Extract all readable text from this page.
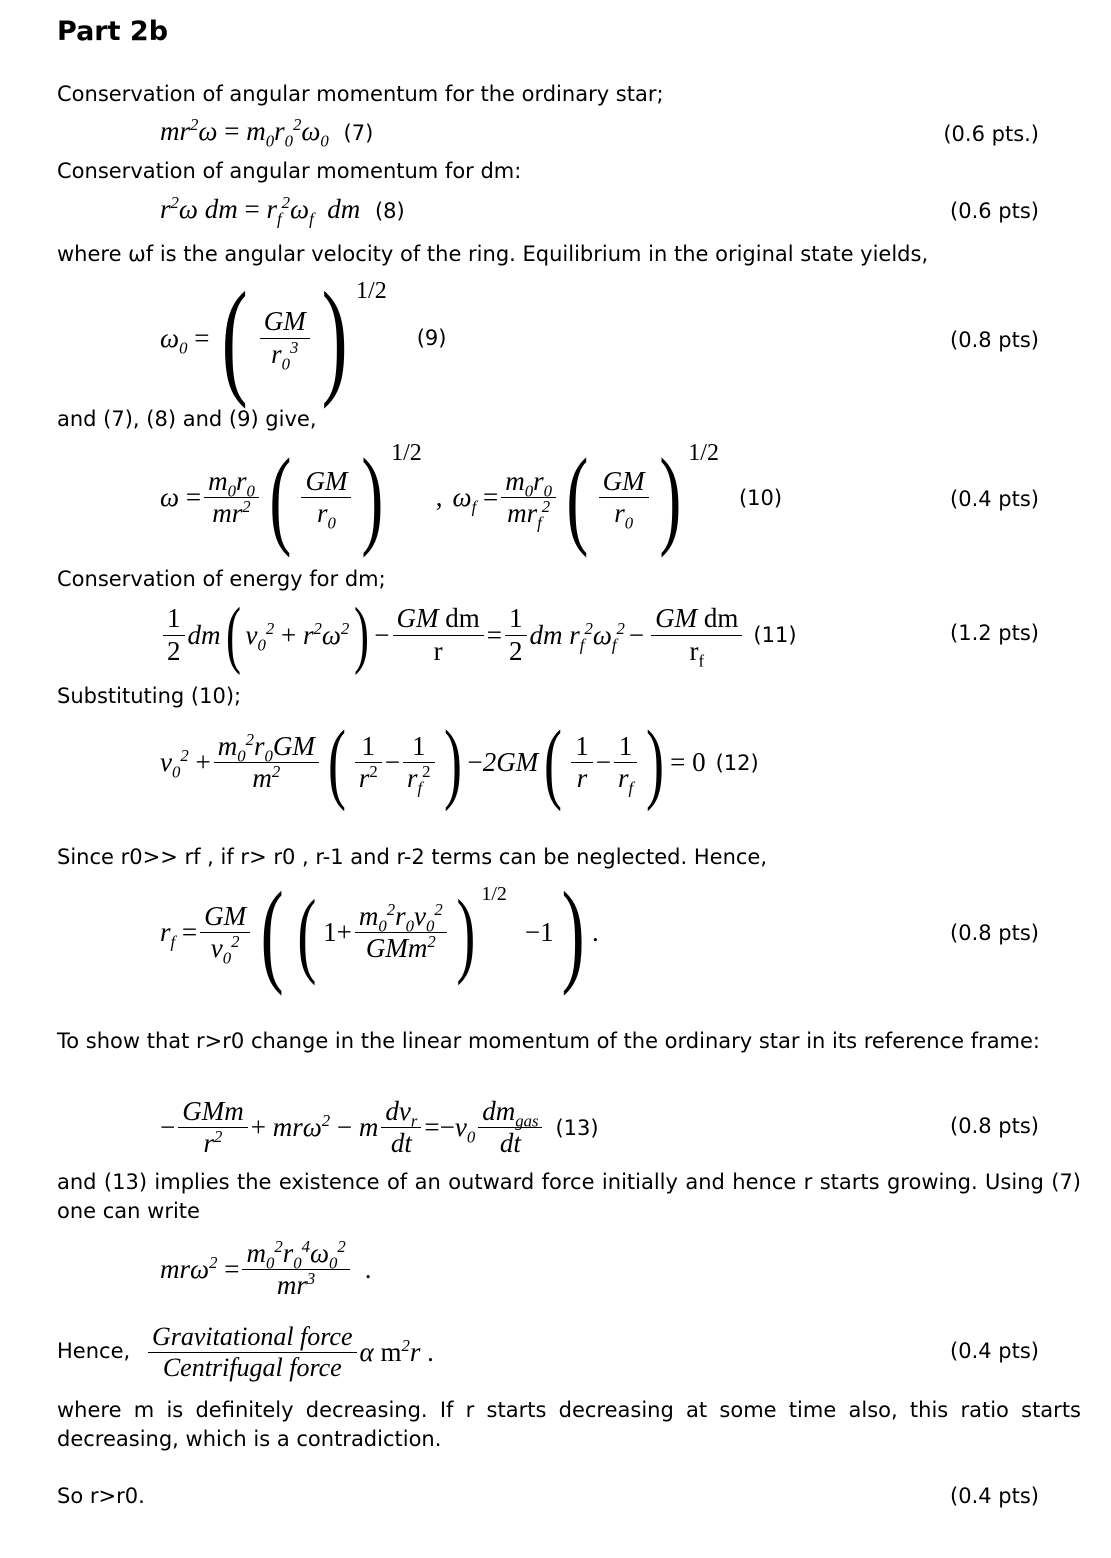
Part 2b
Conservation of angular momentum for the ordinary star;
$mr^2\omega = m_0r_0^2\omega_0$ (7)	(0.6 pts.)
Conservation of angular momentum for dm:
$r^2\omega$ dm = $r_f^2\omega_f$  dm (8)	(0.6 pts)
where ωf is the angular velocity of the ring. Equilibrium in the original state yields,
$\omega_0$ = ( $\frac{GM}{r_0^3}$ ) 1/2
(9)	(0.8 pts)
and (7), (8) and (9) give,
$\omega = \frac{m_0r_0}{mr^2}$ ( $\frac{GM}{r_0}$ ) 1/2
, $\omega_f = \frac{m_0r_0}{mr_f^2}$ ( $\frac{GM}{r_0}$ ) 1/2
(10)	(0.4 pts)
Conservation of energy for dm;
$\frac{1}{2}$ dm ( $v_0^2 + r^2\omega^2$ ) − $\frac{\text{GM dm}}{r} = \frac{1}{2}$ dm $r_f^2\omega_f^2 - \frac{\text{GM dm}}{r_f} (11)$	(1.2 pts)
Substituting (10);
$v_0^2 + \frac{m_0^2r_0GM}{m^2}$ ( $\frac{1}{r^2} - \frac{1}{r_f^2}$ ) − 2GM ( $\frac{1}{r} - \frac{1}{r_f}$ ) = 0 (12)
Since r0>> rf , if r> r0 , r-1 and r-2 terms can be neglected. Hence,
$r_f = \frac{GM}{v_0^2}$ ( ( $1+ \frac{m_0^2r_0v_0^2}{GMm^2}$ ) 1/2
−1 ) .	(0.8 pts)
To show that r>r0 change in the linear momentum of the ordinary star in its reference frame:
− $\frac{\text{GMm}}{r^2} + mr\omega^2 - m \frac{dv_r}{dt} =-v_0 \frac{dm_{gas}}{dt} (13)$	(0.8 pts)
and (13) implies the existence of an outward force initially and hence r starts growing. Using (7) one can write
$mr\omega^2 = \frac{m_0^2r_0^4\omega_0^2}{mr^3}$ .
Hence, $\frac{\text{Gravitational force}}{\text{Centrifugal force}}$ α $m^2r$ .	(0.4 pts)
where m is definitely decreasing. If r starts decreasing at some time also, this ratio starts decreasing, which is a contradiction.
So r>r0.	(0.4 pts)
